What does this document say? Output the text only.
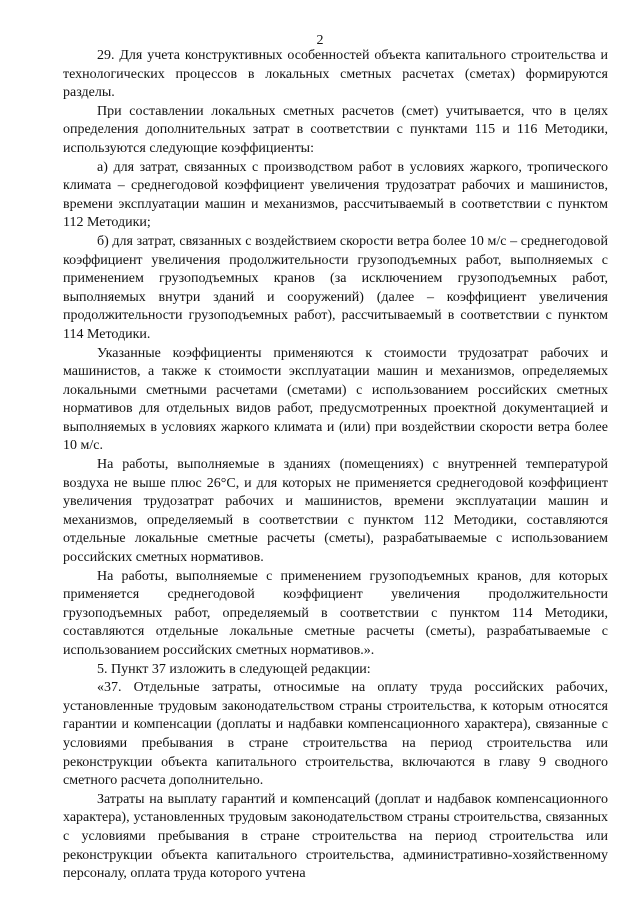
2

29. Для учета конструктивных особенностей объекта капитального строительства и технологических процессов в локальных сметных расчетах (сметах) формируются разделы.

При составлении локальных сметных расчетов (смет) учитывается, что в целях определения дополнительных затрат в соответствии с пунктами 115 и 116 Методики, используются следующие коэффициенты:

а) для затрат, связанных с производством работ в условиях жаркого, тропического климата – среднегодовой коэффициент увеличения трудозатрат рабочих и машинистов, времени эксплуатации машин и механизмов, рассчитываемый в соответствии с пунктом 112 Методики;

б) для затрат, связанных с воздействием скорости ветра более 10 м/с – среднегодовой коэффициент увеличения продолжительности грузоподъемных работ, выполняемых с применением грузоподъемных кранов (за исключением грузоподъемных работ, выполняемых внутри зданий и сооружений) (далее – коэффициент увеличения продолжительности грузоподъемных работ), рассчитываемый в соответствии с пунктом 114 Методики.

Указанные коэффициенты применяются к стоимости трудозатрат рабочих и машинистов, а также к стоимости эксплуатации машин и механизмов, определяемых локальными сметными расчетами (сметами) с использованием российских сметных нормативов для отдельных видов работ, предусмотренных проектной документацией и выполняемых в условиях жаркого климата и (или) при воздействии скорости ветра более 10 м/с.

На работы, выполняемые в зданиях (помещениях) с внутренней температурой воздуха не выше плюс 26°С, и для которых не применяется среднегодовой коэффициент увеличения трудозатрат рабочих и машинистов, времени эксплуатации машин и механизмов, определяемый в соответствии с пунктом 112 Методики, составляются отдельные локальные сметные расчеты (сметы), разрабатываемые с использованием российских сметных нормативов.

На работы, выполняемые с применением грузоподъемных кранов, для которых применяется среднегодовой коэффициент увеличения продолжительности грузоподъемных работ, определяемый в соответствии с пунктом 114 Методики, составляются отдельные локальные сметные расчеты (сметы), разрабатываемые с использованием российских сметных нормативов.».

5. Пункт 37 изложить в следующей редакции:

«37. Отдельные затраты, относимые на оплату труда российских рабочих, установленные трудовым законодательством страны строительства, к которым относятся гарантии и компенсации (доплаты и надбавки компенсационного характера), связанные с условиями пребывания в стране строительства на период строительства или реконструкции объекта капитального строительства, включаются в главу 9 сводного сметного расчета дополнительно.

Затраты на выплату гарантий и компенсаций (доплат и надбавок компенсационного характера), установленных трудовым законодательством страны строительства, связанных с условиями пребывания в стране строительства на период строительства или реконструкции объекта капитального строительства, административно-хозяйственному персоналу, оплата труда которого учтена
